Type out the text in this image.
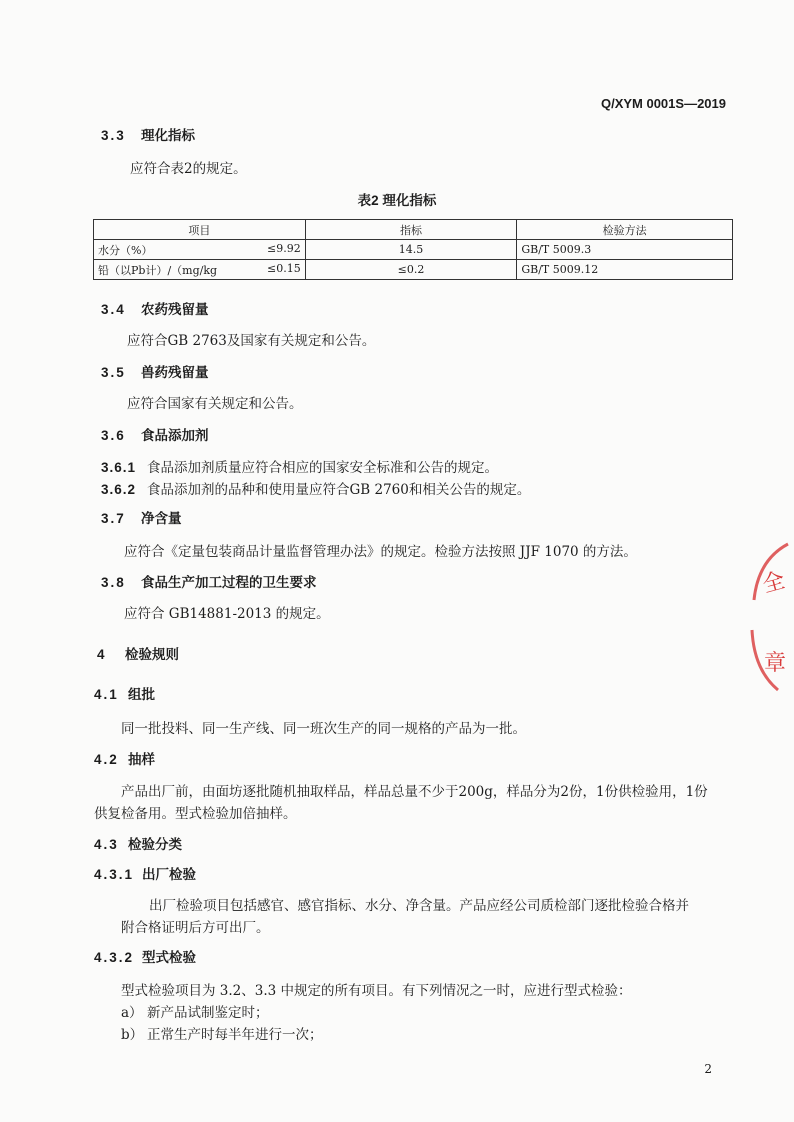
Q/XYM 0001S—2019
3.3 理化指标
应符合表2的规定。
表2 理化指标
项目	指标	检验方法

水分（%） ≤9.92	14.5	GB/T 5009.3

铅（以Pb计）/（mg/kg ≤0.15	≤0.2	GB/T 5009.12
3.4 农药残留量
应符合GB 2763及国家有关规定和公告。
3.5 兽药残留量
应符合国家有关规定和公告。
3.6 食品添加剂
3.6.1 食品添加剂质量应符合相应的国家安全标准和公告的规定。
3.6.2 食品添加剂的品种和使用量应符合GB 2760和相关公告的规定。
3.7 净含量
应符合《定量包装商品计量监督管理办法》的规定。检验方法按照 JJF 1070 的方法。
3.8 食品生产加工过程的卫生要求
应符合 GB14881-2013 的规定。
4 检验规则
4.1 组批
同一批投料、同一生产线、同一班次生产的同一规格的产品为一批。
4.2 抽样
产品出厂前，由面坊逐批随机抽取样品，样品总量不少于200g，样品分为2份，1份供检验用，1份
供复检备用。型式检验加倍抽样。
4.3 检验分类
4.3.1 出厂检验
出厂检验项目包括感官、感官指标、水分、净含量。产品应经公司质检部门逐批检验合格并
附合格证明后方可出厂。
4.3.2 型式检验
型式检验项目为 3.2、3.3 中规定的所有项目。有下列情况之一时，应进行型式检验：
a） 新产品试制鉴定时；
b） 正常生产时每半年进行一次；
全
章
2
